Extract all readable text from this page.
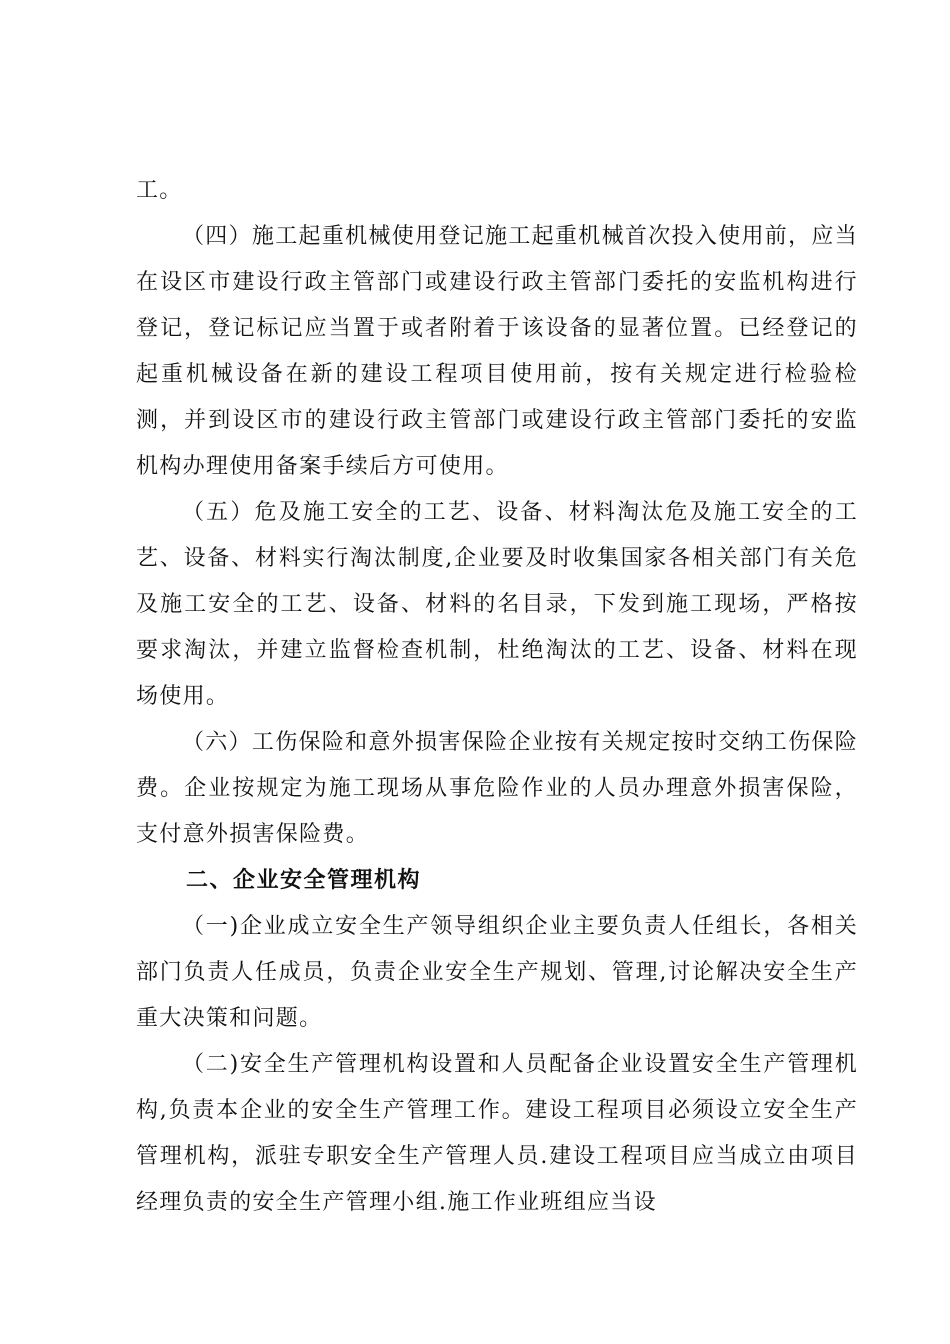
工。

（四）施工起重机械使用登记施工起重机械首次投入使用前，应当在设区市建设行政主管部门或建设行政主管部门委托的安监机构进行登记，登记标记应当置于或者附着于该设备的显著位置。已经登记的起重机械设备在新的建设工程项目使用前，按有关规定进行检验检测，并到设区市的建设行政主管部门或建设行政主管部门委托的安监机构办理使用备案手续后方可使用。

（五）危及施工安全的工艺、设备、材料淘汰危及施工安全的工艺、设备、材料实行淘汰制度,企业要及时收集国家各相关部门有关危及施工安全的工艺、设备、材料的名目录，下发到施工现场，严格按要求淘汰，并建立监督检查机制，杜绝淘汰的工艺、设备、材料在现场使用。

（六）工伤保险和意外损害保险企业按有关规定按时交纳工伤保险费。企业按规定为施工现场从事危险作业的人员办理意外损害保险，支付意外损害保险费。

二、企业安全管理机构

（一)企业成立安全生产领导组织企业主要负责人任组长，各相关部门负责人任成员，负责企业安全生产规划、管理,讨论解决安全生产重大决策和问题。

（二)安全生产管理机构设置和人员配备企业设置安全生产管理机构,负责本企业的安全生产管理工作。建设工程项目必须设立安全生产管理机构，派驻专职安全生产管理人员.建设工程项目应当成立由项目经理负责的安全生产管理小组.施工作业班组应当设
